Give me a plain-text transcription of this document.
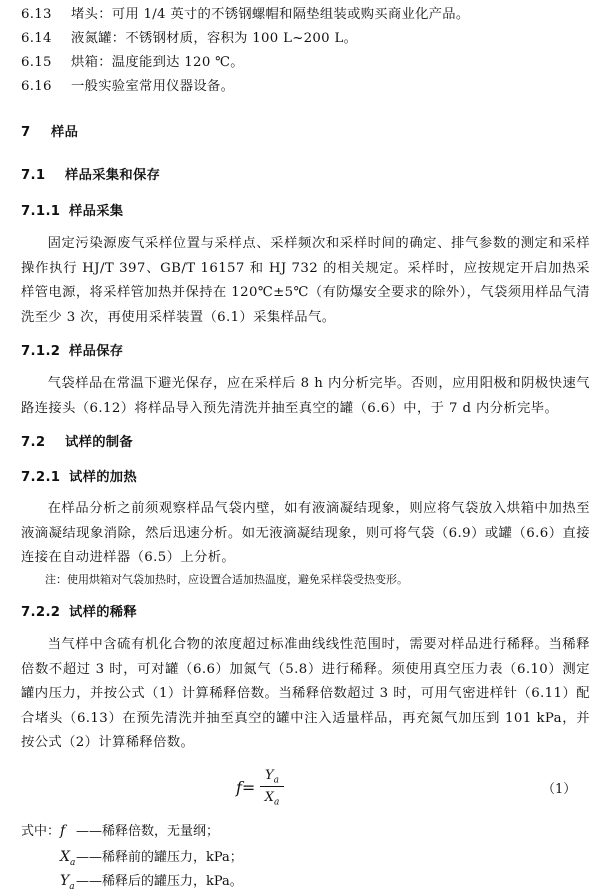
6.13 堵头：可用 1/4 英寸的不锈钢螺帽和隔垫组装或购买商业化产品。
6.14 液氮罐：不锈钢材质，容积为 100 L~200 L。
6.15 烘箱：温度能到达 120 ℃。
6.16 一般实验室常用仪器设备。
7 样品
7.1 样品采集和保存
7.1.1 样品采集
固定污染源废气采样位置与采样点、采样频次和采样时间的确定、排气参数的测定和采样操作执行 HJ/T 397、GB/T 16157 和 HJ 732 的相关规定。采样时，应按规定开启加热采样管电源，将采样管加热并保持在 120℃±5℃（有防爆安全要求的除外），气袋须用样品气清洗至少 3 次，再使用采样装置（6.1）采集样品气。
7.1.2 样品保存
气袋样品在常温下避光保存，应在采样后 8 h 内分析完毕。否则，应用阳极和阴极快速气路连接头（6.12）将样品导入预先清洗并抽至真空的罐（6.6）中，于 7 d 内分析完毕。
7.2 试样的制备
7.2.1 试样的加热
在样品分析之前须观察样品气袋内壁，如有液滴凝结现象，则应将气袋放入烘箱中加热至液滴凝结现象消除，然后迅速分析。如无液滴凝结现象，则可将气袋（6.9）或罐（6.6）直接连接在自动进样器（6.5）上分析。
注：使用烘箱对气袋加热时，应设置合适加热温度，避免采样袋受热变形。
7.2.2 试样的稀释
当气样中含硫有机化合物的浓度超过标准曲线线性范围时，需要对样品进行稀释。当稀释倍数不超过 3 时，可对罐（6.6）加氮气（5.8）进行稀释。须使用真空压力表（6.10）测定罐内压力，并按公式（1）计算稀释倍数。当稀释倍数超过 3 时，可用气密进样针（6.11）配合堵头（6.13）在预先清洗并抽至真空的罐中注入适量样品，再充氮气加压到 101 kPa，并按公式（2）计算稀释倍数。
f=
$Y_a$
$X_a$
（1）
式中：f ——稀释倍数，无量纲；
$X_a——$稀释前的罐压力，kPa；
$Y_a——$稀释后的罐压力，kPa。
